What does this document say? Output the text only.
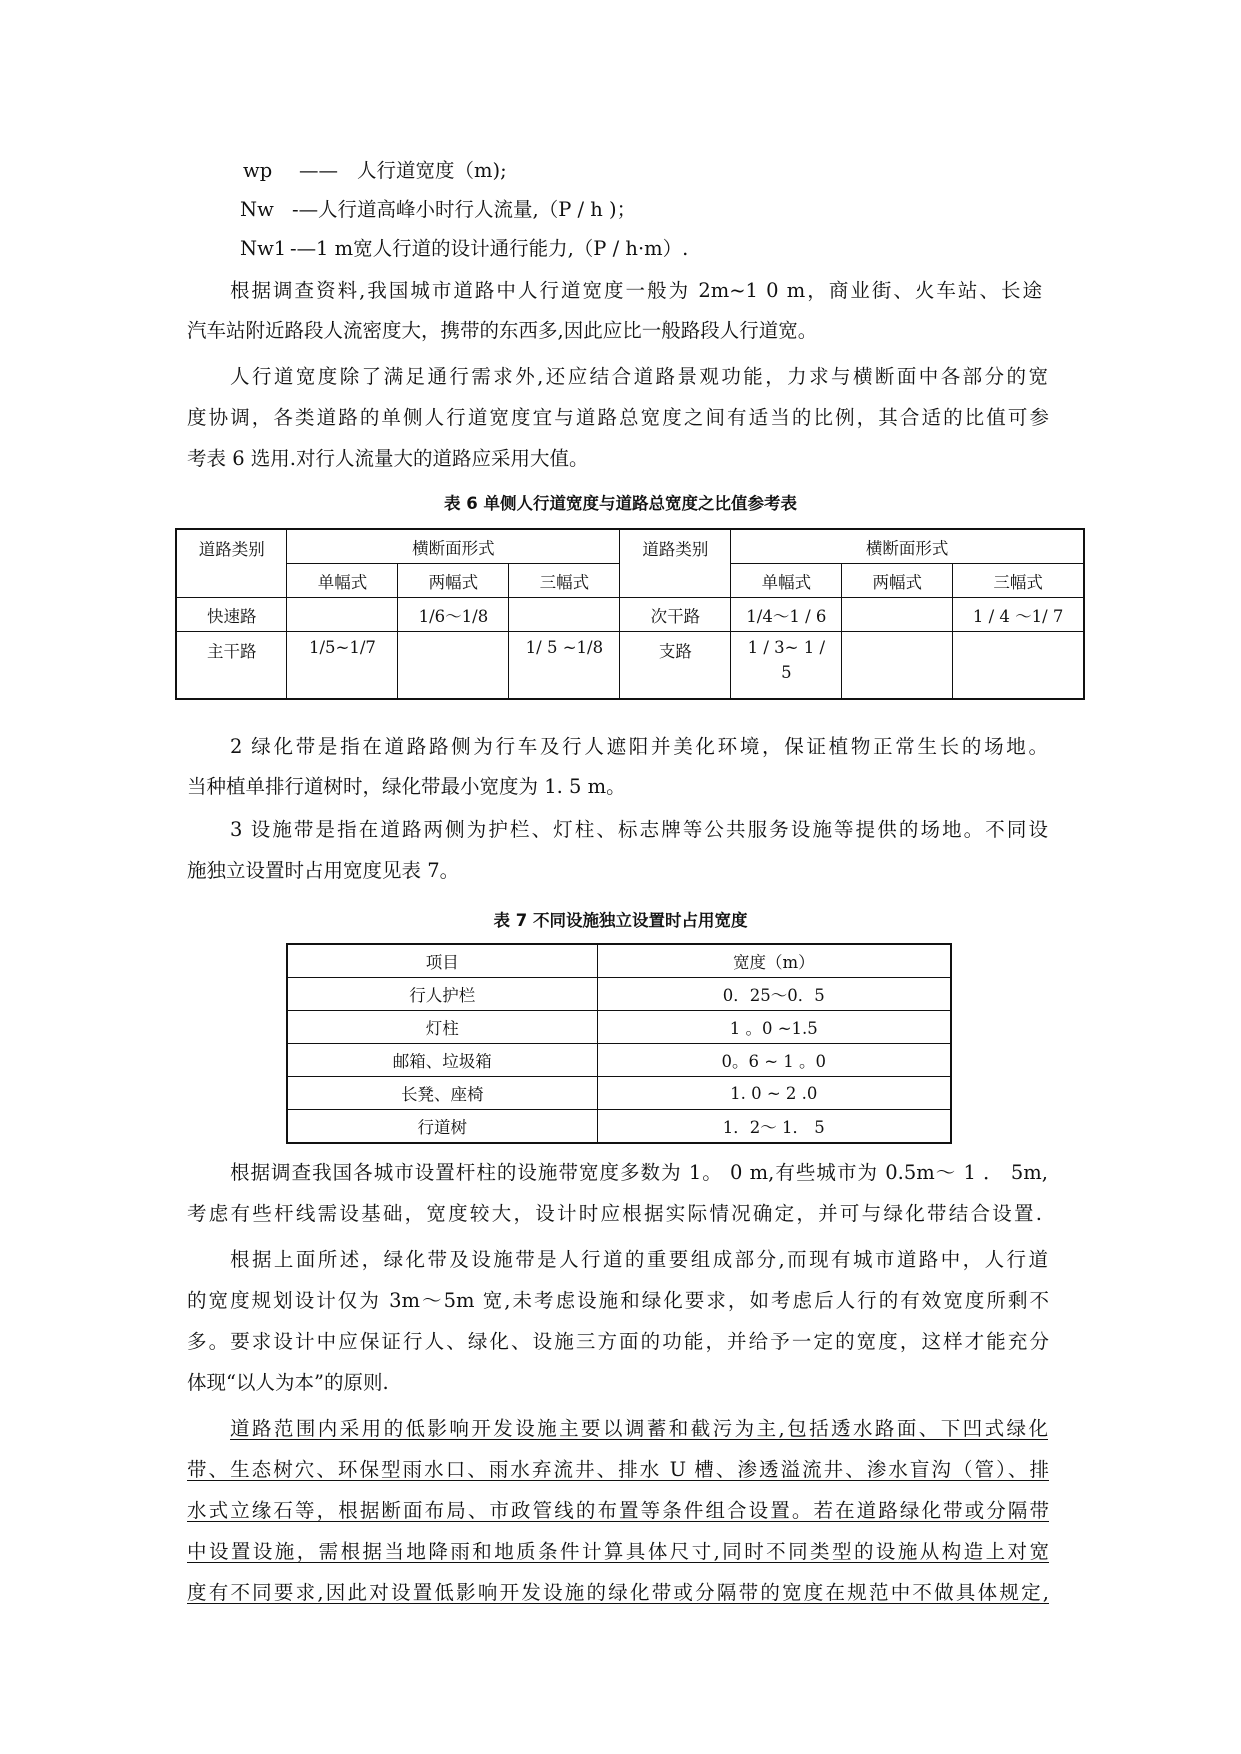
wp —— 人行道宽度（m);
Nw -—人行道高峰小时行人流量,（P / h )；
Nw1 -—1 m宽人行道的设计通行能力,（P / h·m）.
根据调查资料,我国城市道路中人行道宽度一般为 2m~1 0 m，商业街、火车站、长途
汽车站附近路段人流密度大，携带的东西多,因此应比一般路段人行道宽。
人行道宽度除了满足通行需求外,还应结合道路景观功能，力求与横断面中各部分的宽
度协调，各类道路的单侧人行道宽度宜与道路总宽度之间有适当的比例，其合适的比值可参
考表 6 选用.对行人流量大的道路应采用大值。
表 6 单侧人行道宽度与道路总宽度之比值参考表
道路类别	横断面形式			道路类别	横断面形式		
	单幅式	两幅式	三幅式		单幅式	两幅式	三幅式
快速路		1/6～1/8		次干路	1/4～1 / 6		1 / 4 ～1/ 7
主干路	1/5~1/7		1/ 5 ~1/8	支路	1 / 3~ 1 /
5		

2 绿化带是指在道路路侧为行车及行人遮阳并美化环境，保证植物正常生长的场地。
当种植单排行道树时，绿化带最小宽度为 1. 5 m。
3 设施带是指在道路两侧为护栏、灯柱、标志牌等公共服务设施等提供的场地。不同设
施独立设置时占用宽度见表 7。
表 7 不同设施独立设置时占用宽度
项目	宽度（m）
行人护栏	0．25～0．5
灯柱	1 。0 ~1.5
邮箱、垃圾箱	0。6 ~ 1 。0
长凳、座椅	1. 0 ~ 2 .0
行道树	1．2～ 1． 5
根据调查我国各城市设置杆柱的设施带宽度多数为 1。 0 m,有些城市为 0.5m～ 1 ． 5m,
考虑有些杆线需设基础，宽度较大，设计时应根据实际情况确定，并可与绿化带结合设置.
根据上面所述，绿化带及设施带是人行道的重要组成部分,而现有城市道路中，人行道
的宽度规划设计仅为 3m～5m 宽,未考虑设施和绿化要求，如考虑后人行的有效宽度所剩不
多。要求设计中应保证行人、绿化、设施三方面的功能，并给予一定的宽度，这样才能充分
体现“以人为本”的原则.
道路范围内采用的低影响开发设施主要以调蓄和截污为主,包括透水路面、下凹式绿化
带、生态树穴、环保型雨水口、雨水弃流井、排水 U 槽、渗透溢流井、渗水盲沟（管）、排
水式立缘石等，根据断面布局、市政管线的布置等条件组合设置。若在道路绿化带或分隔带
中设置设施，需根据当地降雨和地质条件计算具体尺寸,同时不同类型的设施从构造上对宽
度有不同要求,因此对设置低影响开发设施的绿化带或分隔带的宽度在规范中不做具体规定,
